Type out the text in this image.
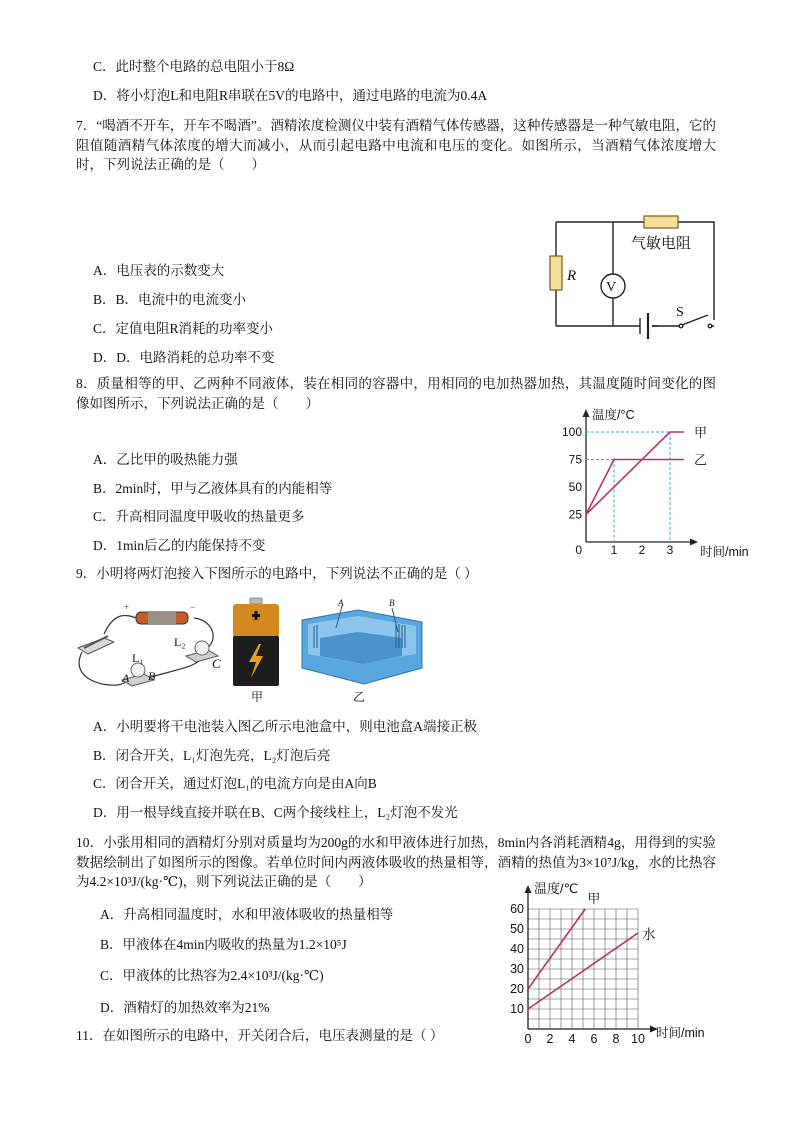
C．此时整个电路的总电阻小于8Ω
D．将小灯泡L和电阻R串联在5V的电路中，通过电路的电流为0.4A
7．“喝酒不开车，开车不喝酒”。酒精浓度检测仪中装有酒精气体传感器，这种传感器是一种气敏电阻，它的阻值随酒精气体浓度的增大而减小，从而引起电路中电流和电压的变化。如图所示，当酒精气体浓度增大时，下列说法正确的是（　　）
A．电压表的示数变大
B．B．电流中的电流变小
C．定值电阻R消耗的功率变小
D．D．电路消耗的总功率不变
V
R
气敏电阻
S
8．质量相等的甲、乙两种不同液体，装在相同的容器中，用相同的电加热器加热，其温度随时间变化的图像如图所示，下列说法正确的是（　　）
A．乙比甲的吸热能力强
B．2min时，甲与乙液体具有的内能相等
C．升高相同温度甲吸收的热量更多
D．1min后乙的内能保持不变
温度/°C
时间/min
0 1 2 3
25
50
75
100	甲
乙
9．小明将两灯泡接入下图所示的电路中，下列说法不正确的是（ ）
+	−
L₁
L₂
A B
C
甲
A	B
乙
A．小明要将干电池装入图乙所示电池盒中，则电池盒A端接正极
B．闭合开关，L₁灯泡先亮，L₂灯泡后亮
C．闭合开关，通过灯泡L₁的电流方向是由A向B
D．用一根导线直接并联在B、C两个接线柱上，L₂灯泡不发光
10．小张用相同的酒精灯分别对质量均为200g的水和甲液体进行加热，8min内各消耗酒精4g，用得到的实验数据绘制出了如图所示的图像。若单位时间内两液体吸收的热量相等，酒精的热值为3×10⁷J/kg，水的比热容为4.2×10³J/(kg·℃)，则下列说法正确的是（　　）
A．升高相同温度时，水和甲液体吸收的热量相等
B．甲液体在4min内吸收的热量为1.2×10⁵J
C．甲液体的比热容为2.4×10³J/(kg·℃)
D．酒精灯的加热效率为21%
温度/℃
时间/min
0 2 4 6 8 10
10
20
30
40
50
60
甲
水
11．在如图所示的电路中，开关闭合后，电压表测量的是（ ）
